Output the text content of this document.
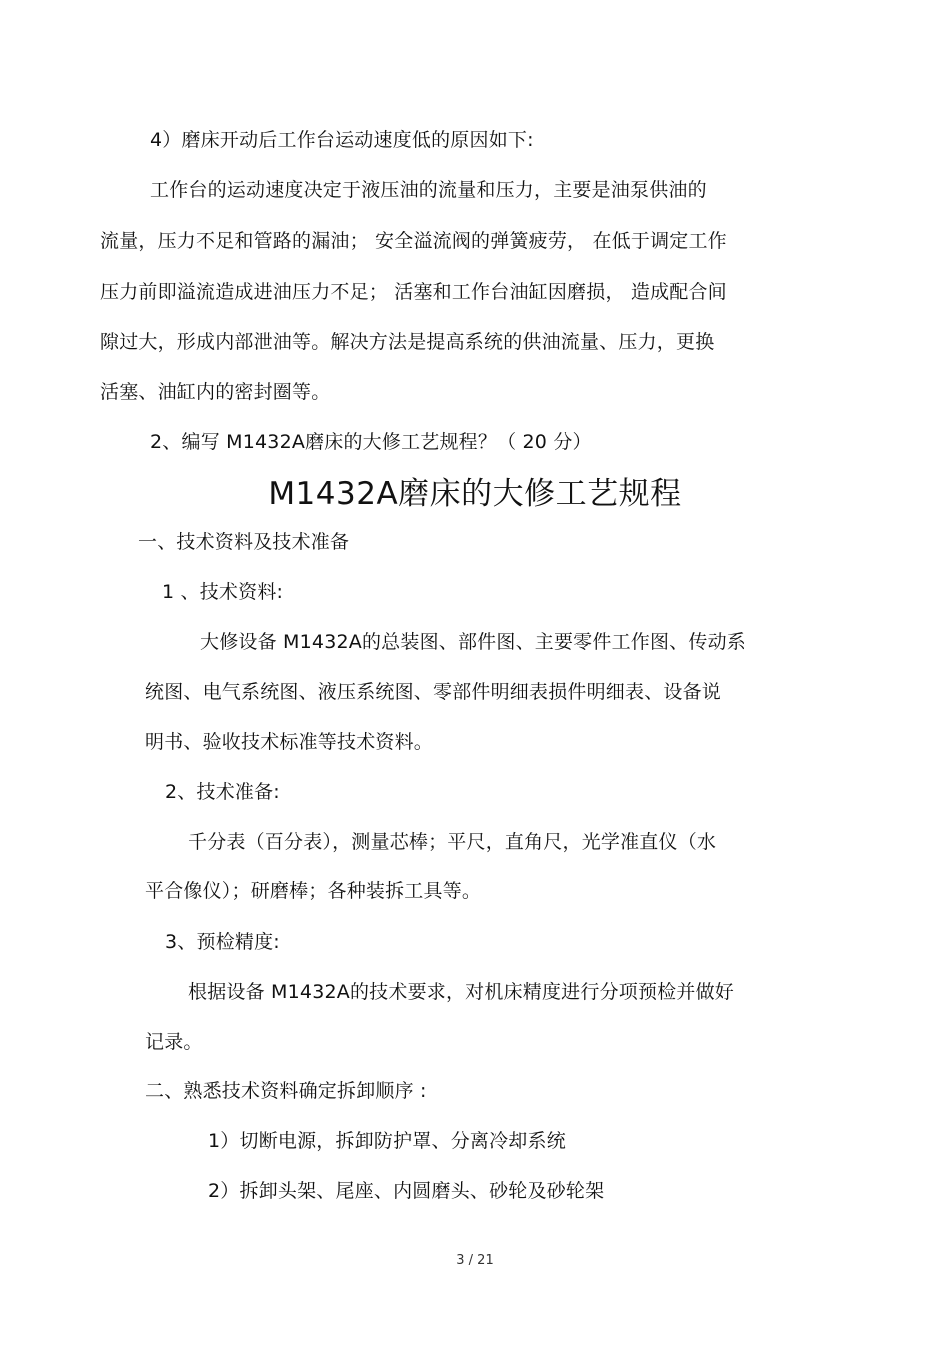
4）磨床开动后工作台运动速度低的原因如下:
工作台的运动速度决定于液压油的流量和压力，主要是油泵供油的
流量，压力不足和管路的漏油； 安全溢流阀的弹簧疲劳， 在低于调定工作
压力前即溢流造成进油压力不足； 活塞和工作台油缸因磨损， 造成配合间
隙过大，形成内部泄油等。解决方法是提高系统的供油流量、压力，更换
活塞、油缸内的密封圈等。
2、编写 M1432A磨床的大修工艺规程？（ 20 分）
M1432A磨床的大修工艺规程
一、技术资料及技术准备
1 、技术资料:
大修设备 M1432A的总装图、部件图、主要零件工作图、传动系
统图、电气系统图、液压系统图、零部件明细表损件明细表、设备说
明书、验收技术标准等技术资料。
2、技术准备:
千分表（百分表），测量芯棒；平尺，直角尺，光学准直仪（水
平合像仪）；研磨棒；各种装拆工具等。
3、预检精度:
根据设备 M1432A的技术要求，对机床精度进行分项预检并做好
记录。
二、熟悉技术资料确定拆卸顺序 :
1）切断电源，拆卸防护罩、分离冷却系统
2）拆卸头架、尾座、内圆磨头、砂轮及砂轮架
3 / 21
